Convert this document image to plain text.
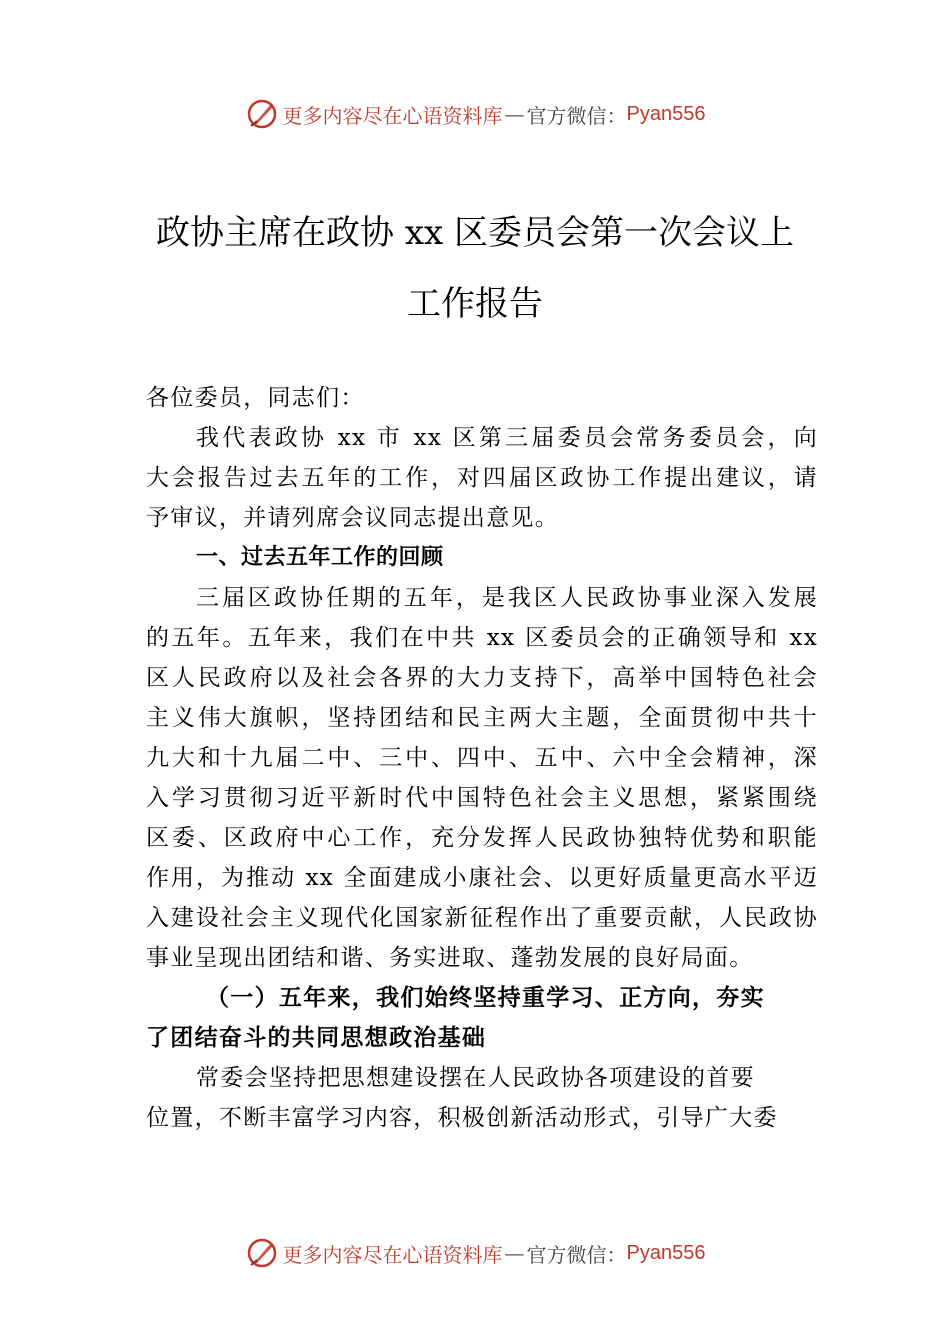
更多内容尽在心语资料库 — 官方微信： Pyan556
政协主席在政协 xx 区委员会第一次会议上
工作报告
各位委员，同志们：
我代表政协 xx 市 xx 区第三届委员会常务委员会，向
大会报告过去五年的工作，对四届区政协工作提出建议，请
予审议，并请列席会议同志提出意见。
一、过去五年工作的回顾
三届区政协任期的五年，是我区人民政协事业深入发展
的五年。五年来，我们在中共 xx 区委员会的正确领导和 xx
区人民政府以及社会各界的大力支持下，高举中国特色社会
主义伟大旗帜，坚持团结和民主两大主题，全面贯彻中共十
九大和十九届二中、三中、四中、五中、六中全会精神，深
入学习贯彻习近平新时代中国特色社会主义思想，紧紧围绕
区委、区政府中心工作，充分发挥人民政协独特优势和职能
作用，为推动 xx 全面建成小康社会、以更好质量更高水平迈
入建设社会主义现代化国家新征程作出了重要贡献，人民政协
事业呈现出团结和谐、务实进取、蓬勃发展的良好局面。
（一）五年来，我们始终坚持重学习、正方向，夯实
了团结奋斗的共同思想政治基础
常委会坚持把思想建设摆在人民政协各项建设的首要
位置，不断丰富学习内容，积极创新活动形式，引导广大委
更多内容尽在心语资料库 — 官方微信： Pyan556
